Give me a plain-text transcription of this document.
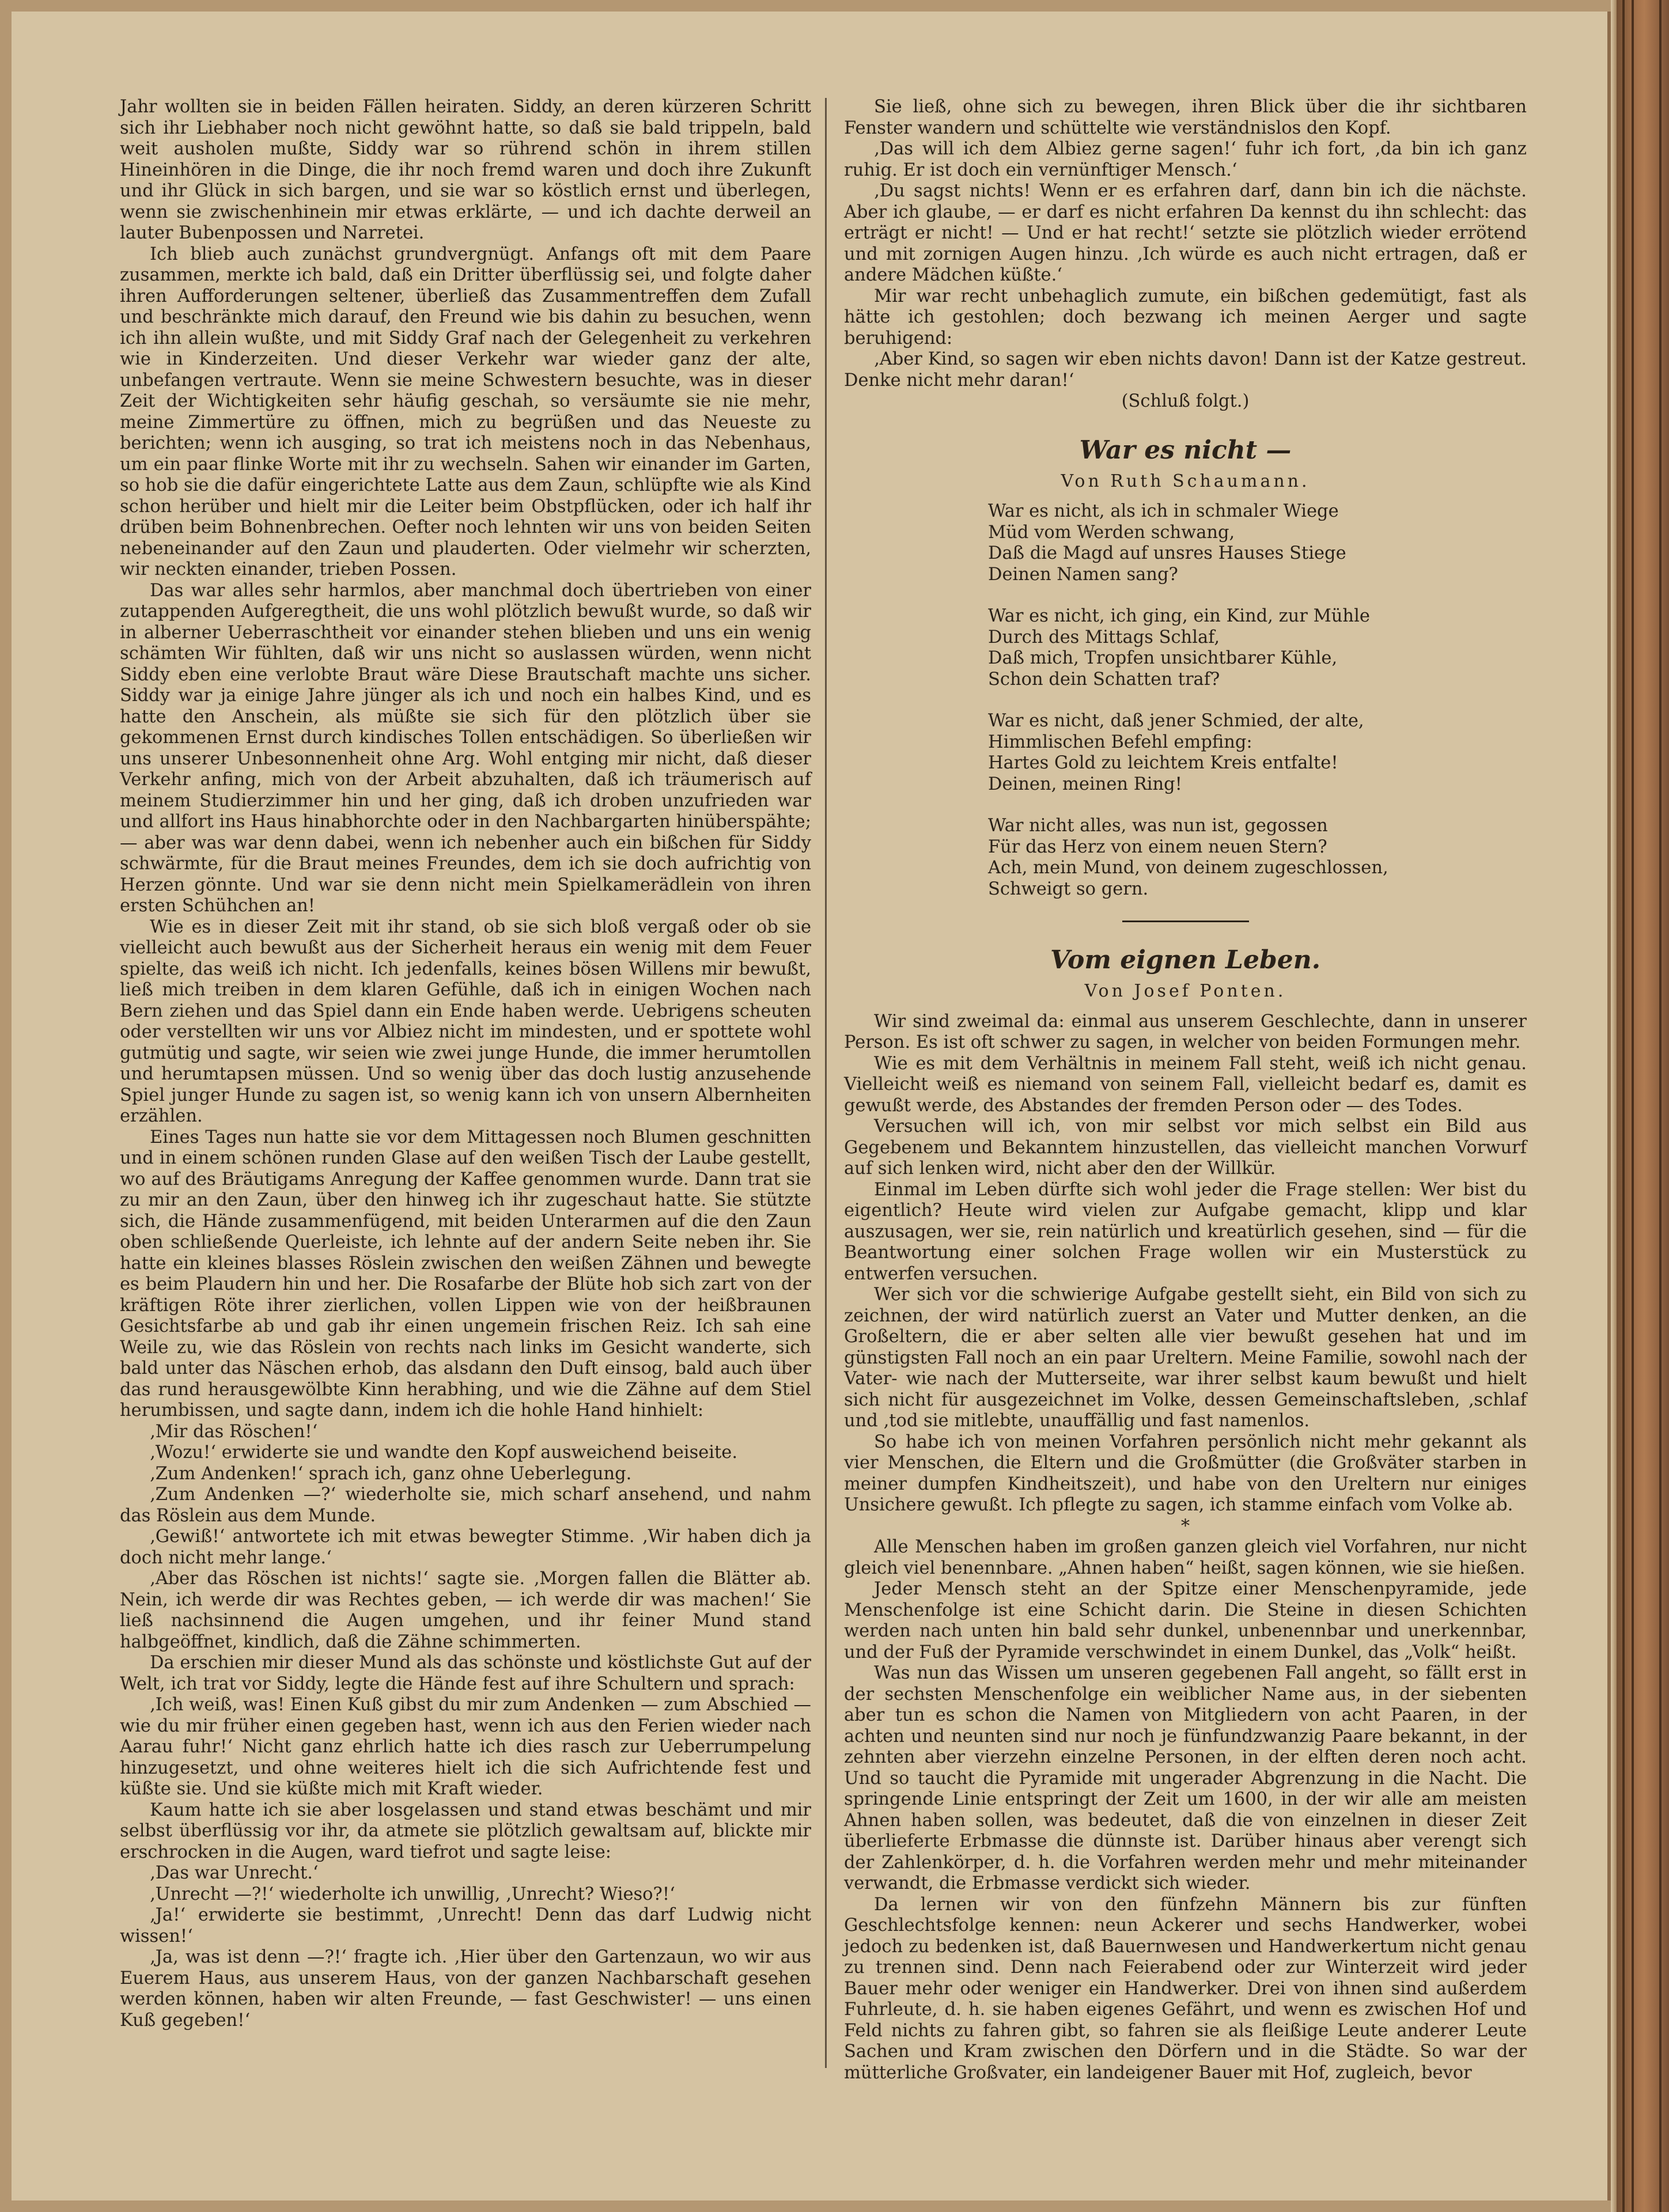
Jahr wollten sie in beiden Fällen heiraten. Siddy, an deren kürzeren Schritt sich ihr Liebhaber noch nicht gewöhnt hatte, so daß sie bald trippeln, bald weit ausholen mußte, Siddy war so rührend schön in ihrem stillen Hineinhören in die Dinge, die ihr noch fremd waren und doch ihre Zukunft und ihr Glück in sich bargen, und sie war so köstlich ernst und überlegen, wenn sie zwischenhinein mir etwas erklärte, — und ich dachte derweil an lauter Bubenpossen und Narretei.

Ich blieb auch zunächst grundvergnügt. Anfangs oft mit dem Paare zusammen, merkte ich bald, daß ein Dritter überflüssig sei, und folgte daher ihren Aufforderungen seltener, überließ das Zusammentreffen dem Zufall und beschränkte mich darauf, den Freund wie bis dahin zu besuchen, wenn ich ihn allein wußte, und mit Siddy Graf nach der Gelegenheit zu verkehren wie in Kinderzeiten. Und dieser Verkehr war wieder ganz der alte, unbefangen vertraute. Wenn sie meine Schwestern besuchte, was in dieser Zeit der Wichtigkeiten sehr häufig geschah, so versäumte sie nie mehr, meine Zimmertüre zu öffnen, mich zu begrüßen und das Neueste zu berichten; wenn ich ausging, so trat ich meistens noch in das Nebenhaus, um ein paar flinke Worte mit ihr zu wechseln. Sahen wir einander im Garten, so hob sie die dafür eingerichtete Latte aus dem Zaun, schlüpfte wie als Kind schon herüber und hielt mir die Leiter beim Obstpflücken, oder ich half ihr drüben beim Bohnenbrechen. Oefter noch lehnten wir uns von beiden Seiten nebeneinander auf den Zaun und plauderten. Oder vielmehr wir scherzten, wir neckten einander, trieben Possen.

Das war alles sehr harmlos, aber manchmal doch übertrieben von einer zutappenden Aufgeregtheit, die uns wohl plötzlich bewußt wurde, so daß wir in alberner Ueberraschtheit vor einander stehen blieben und uns ein wenig schämten Wir fühlten, daß wir uns nicht so auslassen würden, wenn nicht Siddy eben eine verlobte Braut wäre Diese Brautschaft machte uns sicher. Siddy war ja einige Jahre jünger als ich und noch ein halbes Kind, und es hatte den Anschein, als müßte sie sich für den plötzlich über sie gekommenen Ernst durch kindisches Tollen entschädigen. So überließen wir uns unserer Unbesonnenheit ohne Arg. Wohl entging mir nicht, daß dieser Verkehr anfing, mich von der Arbeit abzuhalten, daß ich träumerisch auf meinem Studierzimmer hin und her ging, daß ich droben unzufrieden war und allfort ins Haus hinabhorchte oder in den Nachbargarten hinüberspähte; — aber was war denn dabei, wenn ich nebenher auch ein bißchen für Siddy schwärmte, für die Braut meines Freundes, dem ich sie doch aufrichtig von Herzen gönnte. Und war sie denn nicht mein Spielkamerädlein von ihren ersten Schühchen an!

Wie es in dieser Zeit mit ihr stand, ob sie sich bloß vergaß oder ob sie vielleicht auch bewußt aus der Sicherheit heraus ein wenig mit dem Feuer spielte, das weiß ich nicht. Ich jedenfalls, keines bösen Willens mir bewußt, ließ mich treiben in dem klaren Gefühle, daß ich in einigen Wochen nach Bern ziehen und das Spiel dann ein Ende haben werde. Uebrigens scheuten oder verstellten wir uns vor Albiez nicht im mindesten, und er spottete wohl gutmütig und sagte, wir seien wie zwei junge Hunde, die immer herumtollen und herumtapsen müssen. Und so wenig über das doch lustig anzusehende Spiel junger Hunde zu sagen ist, so wenig kann ich von unsern Albernheiten erzählen.

Eines Tages nun hatte sie vor dem Mittagessen noch Blumen geschnitten und in einem schönen runden Glase auf den weißen Tisch der Laube gestellt, wo auf des Bräutigams Anregung der Kaffee genommen wurde. Dann trat sie zu mir an den Zaun, über den hinweg ich ihr zugeschaut hatte. Sie stützte sich, die Hände zusammenfügend, mit beiden Unterarmen auf die den Zaun oben schließende Querleiste, ich lehnte auf der andern Seite neben ihr. Sie hatte ein kleines blasses Röslein zwischen den weißen Zähnen und bewegte es beim Plaudern hin und her. Die Rosafarbe der Blüte hob sich zart von der kräftigen Röte ihrer zierlichen, vollen Lippen wie von der heißbraunen Gesichtsfarbe ab und gab ihr einen ungemein frischen Reiz. Ich sah eine Weile zu, wie das Röslein von rechts nach links im Gesicht wanderte, sich bald unter das Näschen erhob, das alsdann den Duft einsog, bald auch über das rund herausgewölbte Kinn herabhing, und wie die Zähne auf dem Stiel herumbissen, und sagte dann, indem ich die hohle Hand hinhielt:

‚Mir das Röschen!‘

‚Wozu!‘ erwiderte sie und wandte den Kopf ausweichend beiseite.

‚Zum Andenken!‘ sprach ich, ganz ohne Ueberlegung.

‚Zum Andenken —?‘ wiederholte sie, mich scharf ansehend, und nahm das Röslein aus dem Munde.

‚Gewiß!‘ antwortete ich mit etwas bewegter Stimme. ‚Wir haben dich ja doch nicht mehr lange.‘

‚Aber das Röschen ist nichts!‘ sagte sie. ‚Morgen fallen die Blätter ab. Nein, ich werde dir was Rechtes geben, — ich werde dir was machen!‘ Sie ließ nachsinnend die Augen umgehen, und ihr feiner Mund stand halbgeöffnet, kindlich, daß die Zähne schimmerten.

Da erschien mir dieser Mund als das schönste und köstlichste Gut auf der Welt, ich trat vor Siddy, legte die Hände fest auf ihre Schultern und sprach:

‚Ich weiß, was! Einen Kuß gibst du mir zum Andenken — zum Abschied — wie du mir früher einen gegeben hast, wenn ich aus den Ferien wieder nach Aarau fuhr!‘ Nicht ganz ehrlich hatte ich dies rasch zur Ueberrumpelung hinzugesetzt, und ohne weiteres hielt ich die sich Aufrichtende fest und küßte sie. Und sie küßte mich mit Kraft wieder.

Kaum hatte ich sie aber losgelassen und stand etwas beschämt und mir selbst überflüssig vor ihr, da atmete sie plötzlich gewaltsam auf, blickte mir erschrocken in die Augen, ward tiefrot und sagte leise:

‚Das war Unrecht.‘

‚Unrecht —?!‘ wiederholte ich unwillig, ‚Unrecht? Wieso?!‘

‚Ja!‘ erwiderte sie bestimmt, ‚Unrecht! Denn das darf Ludwig nicht wissen!‘

‚Ja, was ist denn —?!‘ fragte ich. ‚Hier über den Gartenzaun, wo wir aus Euerem Haus, aus unserem Haus, von der ganzen Nachbarschaft gesehen werden können, haben wir alten Freunde, — fast Geschwister! — uns einen Kuß gegeben!‘

Sie ließ, ohne sich zu bewegen, ihren Blick über die ihr sichtbaren Fenster wandern und schüttelte wie verständnislos den Kopf.

‚Das will ich dem Albiez gerne sagen!‘ fuhr ich fort, ‚da bin ich ganz ruhig. Er ist doch ein vernünftiger Mensch.‘

‚Du sagst nichts! Wenn er es erfahren darf, dann bin ich die nächste. Aber ich glaube, — er darf es nicht erfahren Da kennst du ihn schlecht: das erträgt er nicht! — Und er hat recht!‘ setzte sie plötzlich wieder errötend und mit zornigen Augen hinzu. ‚Ich würde es auch nicht ertragen, daß er andere Mädchen küßte.‘

Mir war recht unbehaglich zumute, ein bißchen gedemütigt, fast als hätte ich gestohlen; doch bezwang ich meinen Aerger und sagte beruhigend:

‚Aber Kind, so sagen wir eben nichts davon! Dann ist der Katze gestreut. Denke nicht mehr daran!‘

(Schluß folgt.)

War es nicht —
Von Ruth Schaumann.
War es nicht, als ich in schmaler Wiege
Müd vom Werden schwang,
Daß die Magd auf unsres Hauses Stiege
Deinen Namen sang?
War es nicht, ich ging, ein Kind, zur Mühle
Durch des Mittags Schlaf,
Daß mich, Tropfen unsichtbarer Kühle,
Schon dein Schatten traf?
War es nicht, daß jener Schmied, der alte,
Himmlischen Befehl empfing:
Hartes Gold zu leichtem Kreis entfalte!
Deinen, meinen Ring!
War nicht alles, was nun ist, gegossen
Für das Herz von einem neuen Stern?
Ach, mein Mund, von deinem zugeschlossen,
Schweigt so gern.
Vom eignen Leben.
Von Josef Ponten.

Wir sind zweimal da: einmal aus unserem Geschlechte, dann in unserer Person. Es ist oft schwer zu sagen, in welcher von beiden Formungen mehr.

Wie es mit dem Verhältnis in meinem Fall steht, weiß ich nicht genau. Vielleicht weiß es niemand von seinem Fall, vielleicht bedarf es, damit es gewußt werde, des Abstandes der fremden Person oder — des Todes.

Versuchen will ich, von mir selbst vor mich selbst ein Bild aus Gegebenem und Bekanntem hinzustellen, das vielleicht manchen Vorwurf auf sich lenken wird, nicht aber den der Willkür.

Einmal im Leben dürfte sich wohl jeder die Frage stellen: Wer bist du eigentlich? Heute wird vielen zur Aufgabe gemacht, klipp und klar auszusagen, wer sie, rein natürlich und kreatürlich gesehen, sind — für die Beantwortung einer solchen Frage wollen wir ein Musterstück zu entwerfen versuchen.

Wer sich vor die schwierige Aufgabe gestellt sieht, ein Bild von sich zu zeichnen, der wird natürlich zuerst an Vater und Mutter denken, an die Großeltern, die er aber selten alle vier bewußt gesehen hat und im günstigsten Fall noch an ein paar Ureltern. Meine Familie, sowohl nach der Vater- wie nach der Mutterseite, war ihrer selbst kaum bewußt und hielt sich nicht für ausgezeichnet im Volke, dessen Gemeinschaftsleben, ‚schlaf und ‚tod sie mitlebte, unauffällig und fast namenlos.

So habe ich von meinen Vorfahren persönlich nicht mehr gekannt als vier Menschen, die Eltern und die Großmütter (die Großväter starben in meiner dumpfen Kindheitszeit), und habe von den Ureltern nur einiges Unsichere gewußt. Ich pflegte zu sagen, ich stamme einfach vom Volke ab.

*

Alle Menschen haben im großen ganzen gleich viel Vorfahren, nur nicht gleich viel benennbare. „Ahnen haben“ heißt, sagen können, wie sie hießen.

Jeder Mensch steht an der Spitze einer Menschenpyramide, jede Menschenfolge ist eine Schicht darin. Die Steine in diesen Schichten werden nach unten hin bald sehr dunkel, unbenennbar und unerkennbar, und der Fuß der Pyramide verschwindet in einem Dunkel, das „Volk“ heißt.

Was nun das Wissen um unseren gegebenen Fall angeht, so fällt erst in der sechsten Menschenfolge ein weiblicher Name aus, in der siebenten aber tun es schon die Namen von Mitgliedern von acht Paaren, in der achten und neunten sind nur noch je fünfundzwanzig Paare bekannt, in der zehnten aber vierzehn einzelne Personen, in der elften deren noch acht. Und so taucht die Pyramide mit ungerader Abgrenzung in die Nacht. Die springende Linie entspringt der Zeit um 1600, in der wir alle am meisten Ahnen haben sollen, was bedeutet, daß die von einzelnen in dieser Zeit überlieferte Erbmasse die dünnste ist. Darüber hinaus aber verengt sich der Zahlenkörper, d. h. die Vorfahren werden mehr und mehr miteinander verwandt, die Erbmasse verdickt sich wieder.

Da lernen wir von den fünfzehn Männern bis zur fünften Geschlechtsfolge kennen: neun Ackerer und sechs Handwerker, wobei jedoch zu bedenken ist, daß Bauernwesen und Handwerkertum nicht genau zu trennen sind. Denn nach Feierabend oder zur Winterzeit wird jeder Bauer mehr oder weniger ein Handwerker. Drei von ihnen sind außerdem Fuhrleute, d. h. sie haben eigenes Gefährt, und wenn es zwischen Hof und Feld nichts zu fahren gibt, so fahren sie als fleißige Leute anderer Leute Sachen und Kram zwischen den Dörfern und in die Städte. So war der mütterliche Großvater, ein landeigener Bauer mit Hof, zugleich, bevor
